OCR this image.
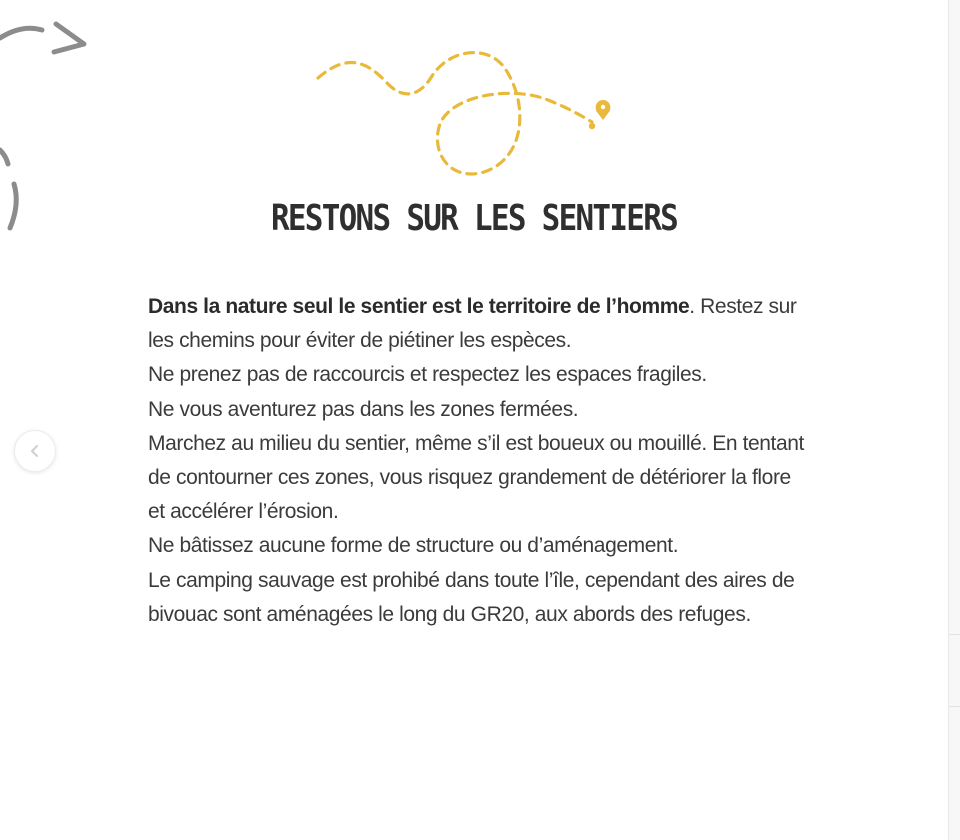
RESTONS SUR LES SENTIERS

Dans la nature seul le sentier est le territoire de l’homme. Restez sur les chemins pour éviter de piétiner les espèces.

Ne prenez pas de raccourcis et respectez les espaces fragiles.

Ne vous aventurez pas dans les zones fermées.

Marchez au milieu du sentier, même s’il est boueux ou mouillé. En tentant de contourner ces zones, vous risquez grandement de détériorer la flore et accélérer l’érosion.

Ne bâtissez aucune forme de structure ou d’aménagement.

Le camping sauvage est prohibé dans toute l’île, cependant des aires de bivouac sont aménagées le long du GR20, aux abords des refuges.
